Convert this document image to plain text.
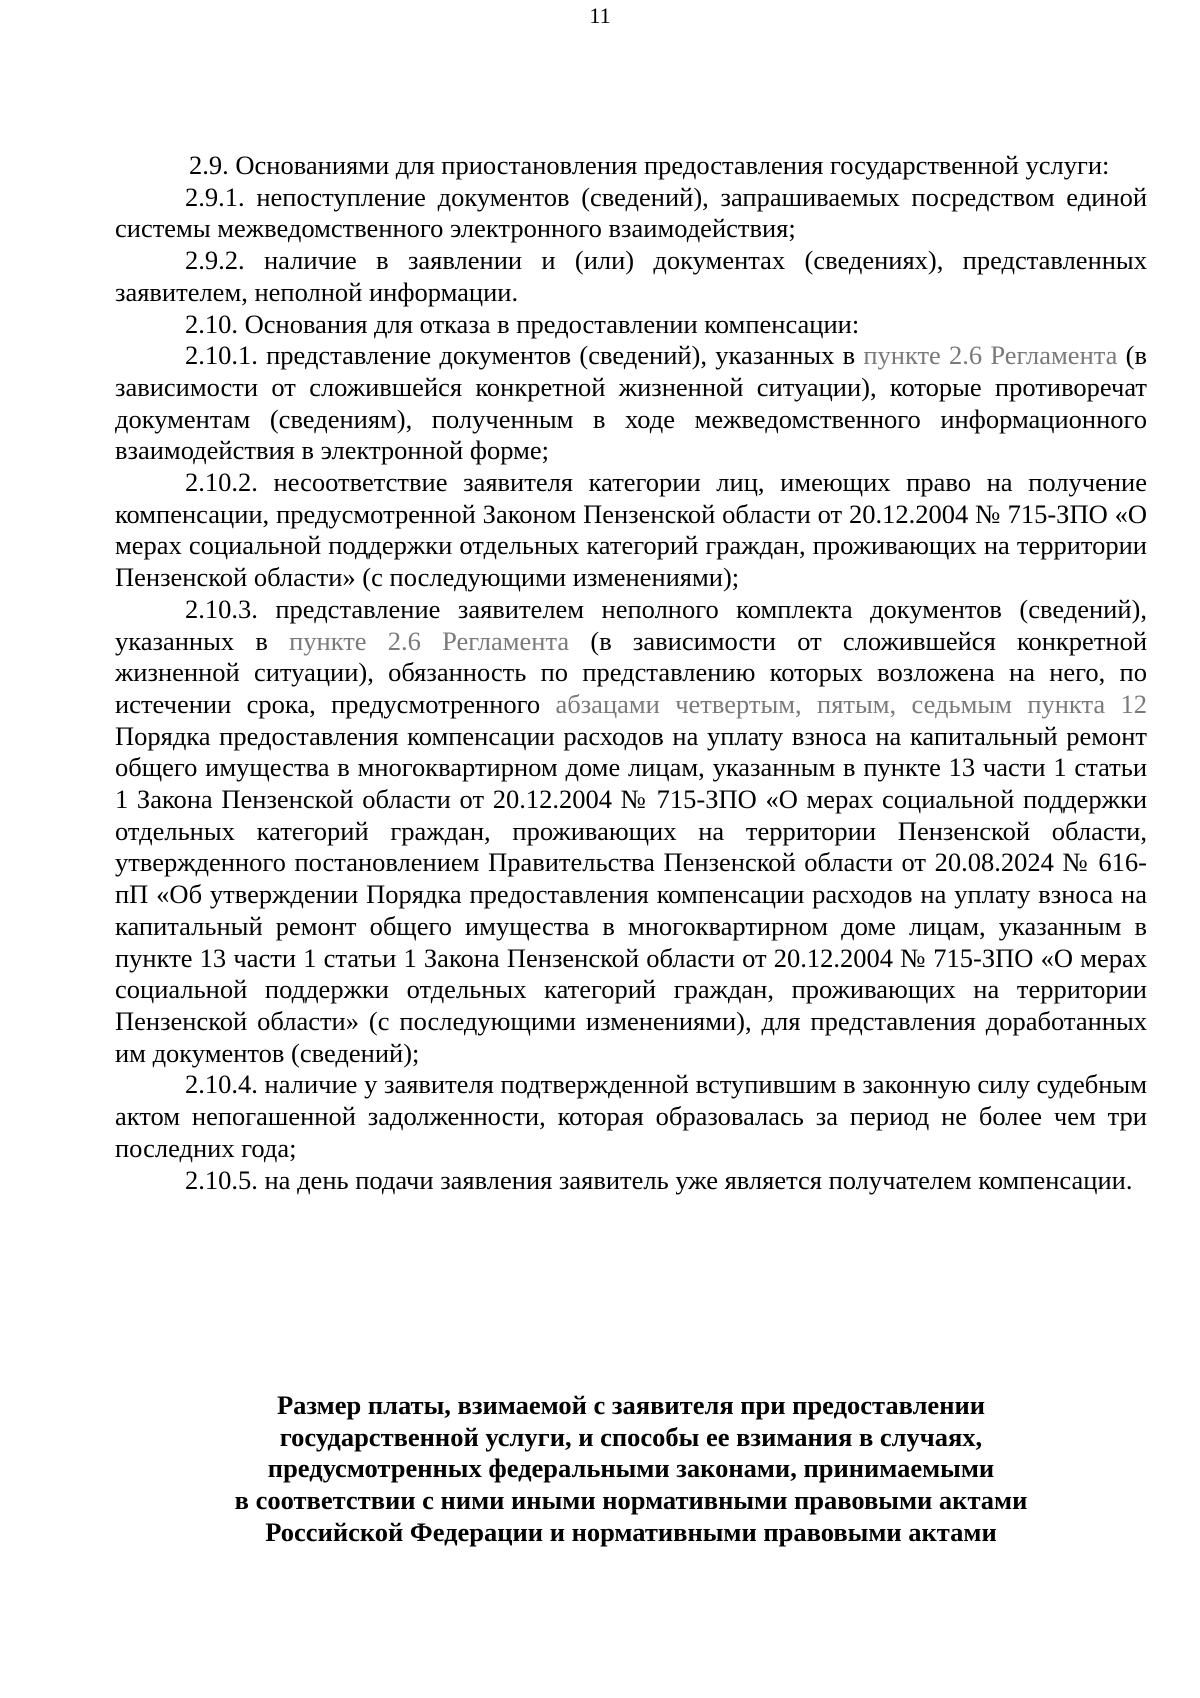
11

2.9. Основаниями для приостановления предоставления государственной услуги:

2.9.1. непоступление документов (сведений), запрашиваемых посредством единой системы межведомственного электронного взаимодействия;

2.9.2. наличие в заявлении и (или) документах (сведениях), представленных заявителем, неполной информации.

2.10. Основания для отказа в предоставлении компенсации:

2.10.1. представление документов (сведений), указанных в пункте 2.6 Регламента (в зависимости от сложившейся конкретной жизненной ситуации), которые противоречат документам (сведениям), полученным в ходе межведомственного информационного взаимодействия в электронной форме;

2.10.2. несоответствие заявителя категории лиц, имеющих право на получение компенсации, предусмотренной Законом Пензенской области от 20.12.2004 № 715-ЗПО «О мерах социальной поддержки отдельных категорий граждан, проживающих на территории Пензенской области» (с последующими изменениями);

2.10.3. представление заявителем неполного комплекта документов (сведений), указанных в пункте 2.6 Регламента (в зависимости от сложившейся конкретной жизненной ситуации), обязанность по представлению которых возложена на него, по истечении срока, предусмотренного абзацами четвертым, пятым, седьмым пункта 12 Порядка предоставления компенсации расходов на уплату взноса на капитальный ремонт общего имущества в многоквартирном доме лицам, указанным в пункте 13 части 1 статьи 1 Закона Пензенской области от 20.12.2004 № 715-ЗПО «О мерах социальной поддержки отдельных категорий граждан, проживающих на территории Пензенской области, утвержденного постановлением Правительства Пензенской области от 20.08.2024 № 616-пП «Об утверждении Порядка предоставления компенсации расходов на уплату взноса на капитальный ремонт общего имущества в многоквартирном доме лицам, указанным в пункте 13 части 1 статьи 1 Закона Пензенской области от 20.12.2004 № 715-ЗПО «О мерах социальной поддержки отдельных категорий граждан, проживающих на территории Пензенской области» (с последующими изменениями), для представления доработанных им документов (сведений);

2.10.4. наличие у заявителя подтвержденной вступившим в законную силу судебным актом непогашенной задолженности, которая образовалась за период не более чем три последних года;

2.10.5. на день подачи заявления заявитель уже является получателем компенсации.

Размер платы, взимаемой с заявителя при предоставлении
государственной услуги, и способы ее взимания в случаях,
предусмотренных федеральными законами, принимаемыми
в соответствии с ними иными нормативными правовыми актами
Российской Федерации и нормативными правовыми актами
